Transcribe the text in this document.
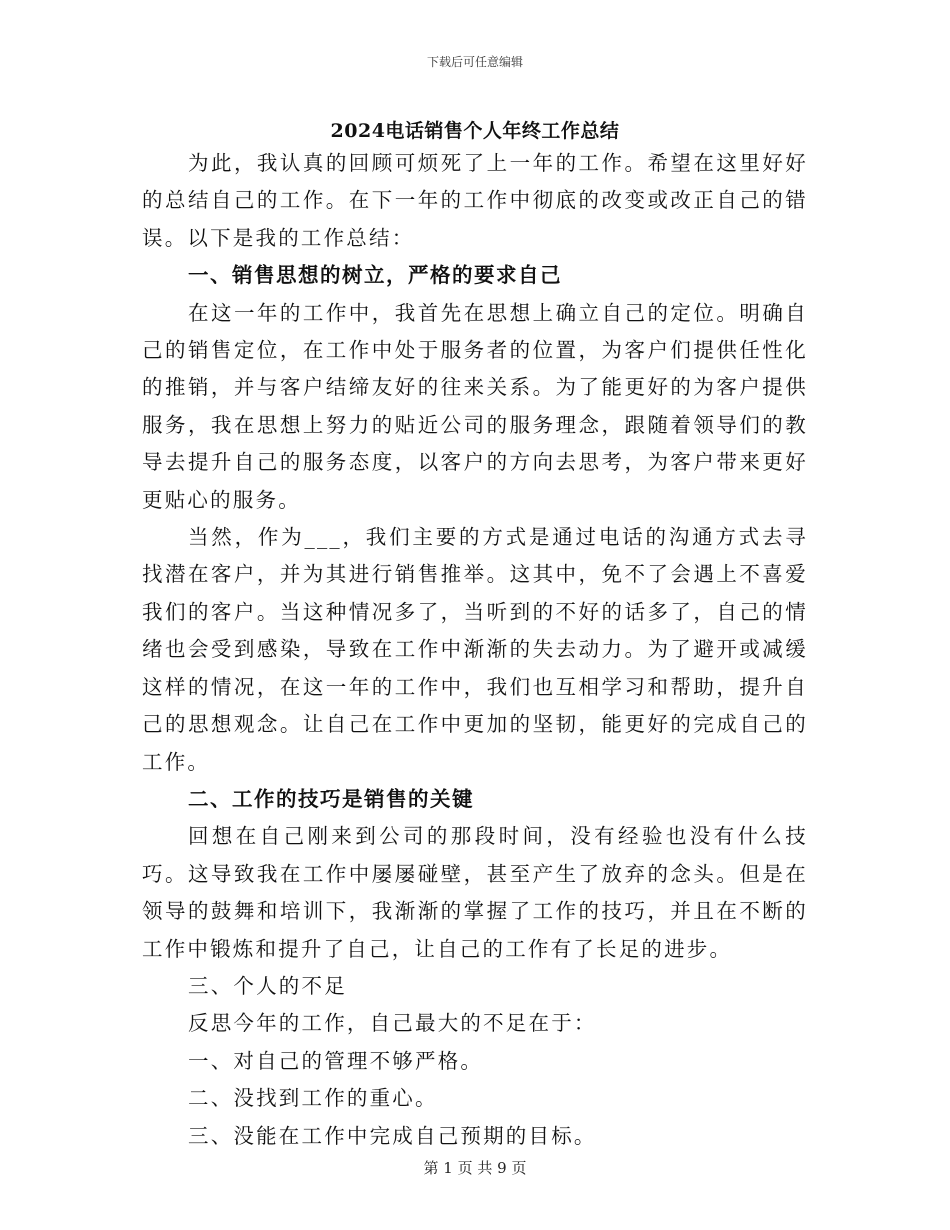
下载后可任意编辑
2024电话销售个人年终工作总结

为此，我认真的回顾可烦死了上一年的工作。希望在这里好好的总结自己的工作。在下一年的工作中彻底的改变或改正自己的错误。以下是我的工作总结：

一、销售思想的树立，严格的要求自己

在这一年的工作中，我首先在思想上确立自己的定位。明确自己的销售定位，在工作中处于服务者的位置，为客户们提供任性化的推销，并与客户结缔友好的往来关系。为了能更好的为客户提供服务，我在思想上努力的贴近公司的服务理念，跟随着领导们的教导去提升自己的服务态度，以客户的方向去思考，为客户带来更好更贴心的服务。

当然，作为___，我们主要的方式是通过电话的沟通方式去寻找潜在客户，并为其进行销售推举。这其中，免不了会遇上不喜爱我们的客户。当这种情况多了，当听到的不好的话多了，自己的情绪也会受到感染，导致在工作中渐渐的失去动力。为了避开或减缓这样的情况，在这一年的工作中，我们也互相学习和帮助，提升自己的思想观念。让自己在工作中更加的坚韧，能更好的完成自己的工作。

二、工作的技巧是销售的关键

回想在自己刚来到公司的那段时间，没有经验也没有什么技巧。这导致我在工作中屡屡碰壁，甚至产生了放弃的念头。但是在领导的鼓舞和培训下，我渐渐的掌握了工作的技巧，并且在不断的工作中锻炼和提升了自己，让自己的工作有了长足的进步。

三、个人的不足

反思今年的工作，自己最大的不足在于：

一、对自己的管理不够严格。

二、没找到工作的重心。

三、没能在工作中完成自己预期的目标。

第 1 页 共 9 页
